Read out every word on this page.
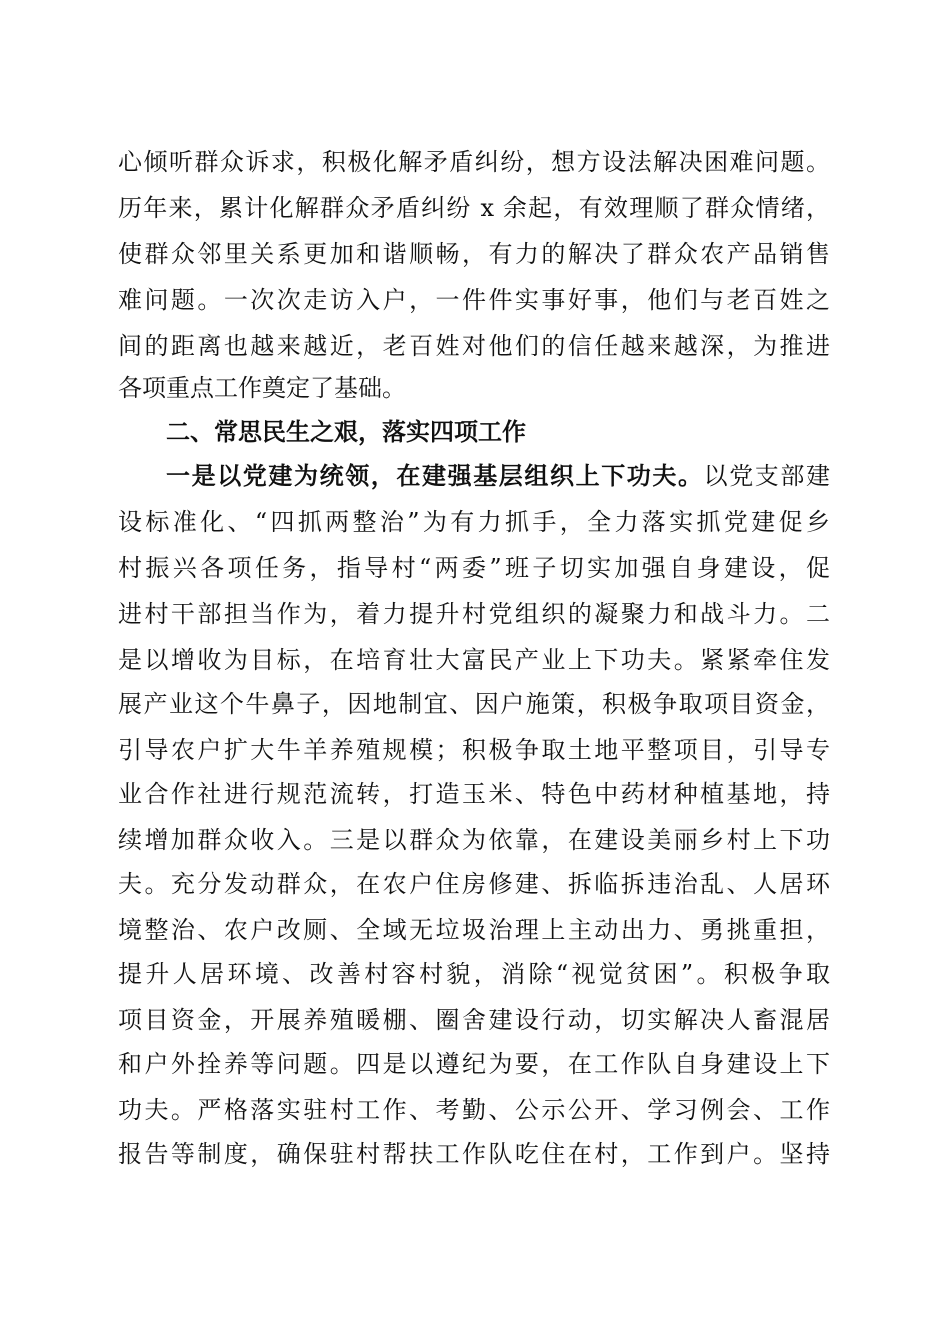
心倾听群众诉求，积极化解矛盾纠纷，想方设法解决困难问题。
历年来，累计化解群众矛盾纠纷 x 余起，有效理顺了群众情绪，
使群众邻里关系更加和谐顺畅，有力的解决了群众农产品销售
难问题。一次次走访入户，一件件实事好事，他们与老百姓之
间的距离也越来越近，老百姓对他们的信任越来越深，为推进
各项重点工作奠定了基础。
二、常思民生之艰，落实四项工作
一是以党建为统领，在建强基层组织上下功夫。以党支部建
设标准化、“四抓两整治”为有力抓手，全力落实抓党建促乡
村振兴各项任务，指导村“两委”班子切实加强自身建设，促
进村干部担当作为，着力提升村党组织的凝聚力和战斗力。二
是以增收为目标，在培育壮大富民产业上下功夫。紧紧牵住发
展产业这个牛鼻子，因地制宜、因户施策，积极争取项目资金，
引导农户扩大牛羊养殖规模；积极争取土地平整项目，引导专
业合作社进行规范流转，打造玉米、特色中药材种植基地，持
续增加群众收入。三是以群众为依靠，在建设美丽乡村上下功
夫。充分发动群众，在农户住房修建、拆临拆违治乱、人居环
境整治、农户改厕、全域无垃圾治理上主动出力、勇挑重担，
提升人居环境、改善村容村貌，消除“视觉贫困”。积极争取
项目资金，开展养殖暖棚、圈舍建设行动，切实解决人畜混居
和户外拴养等问题。四是以遵纪为要，在工作队自身建设上下
功夫。严格落实驻村工作、考勤、公示公开、学习例会、工作
报告等制度，确保驻村帮扶工作队吃住在村，工作到户。坚持
